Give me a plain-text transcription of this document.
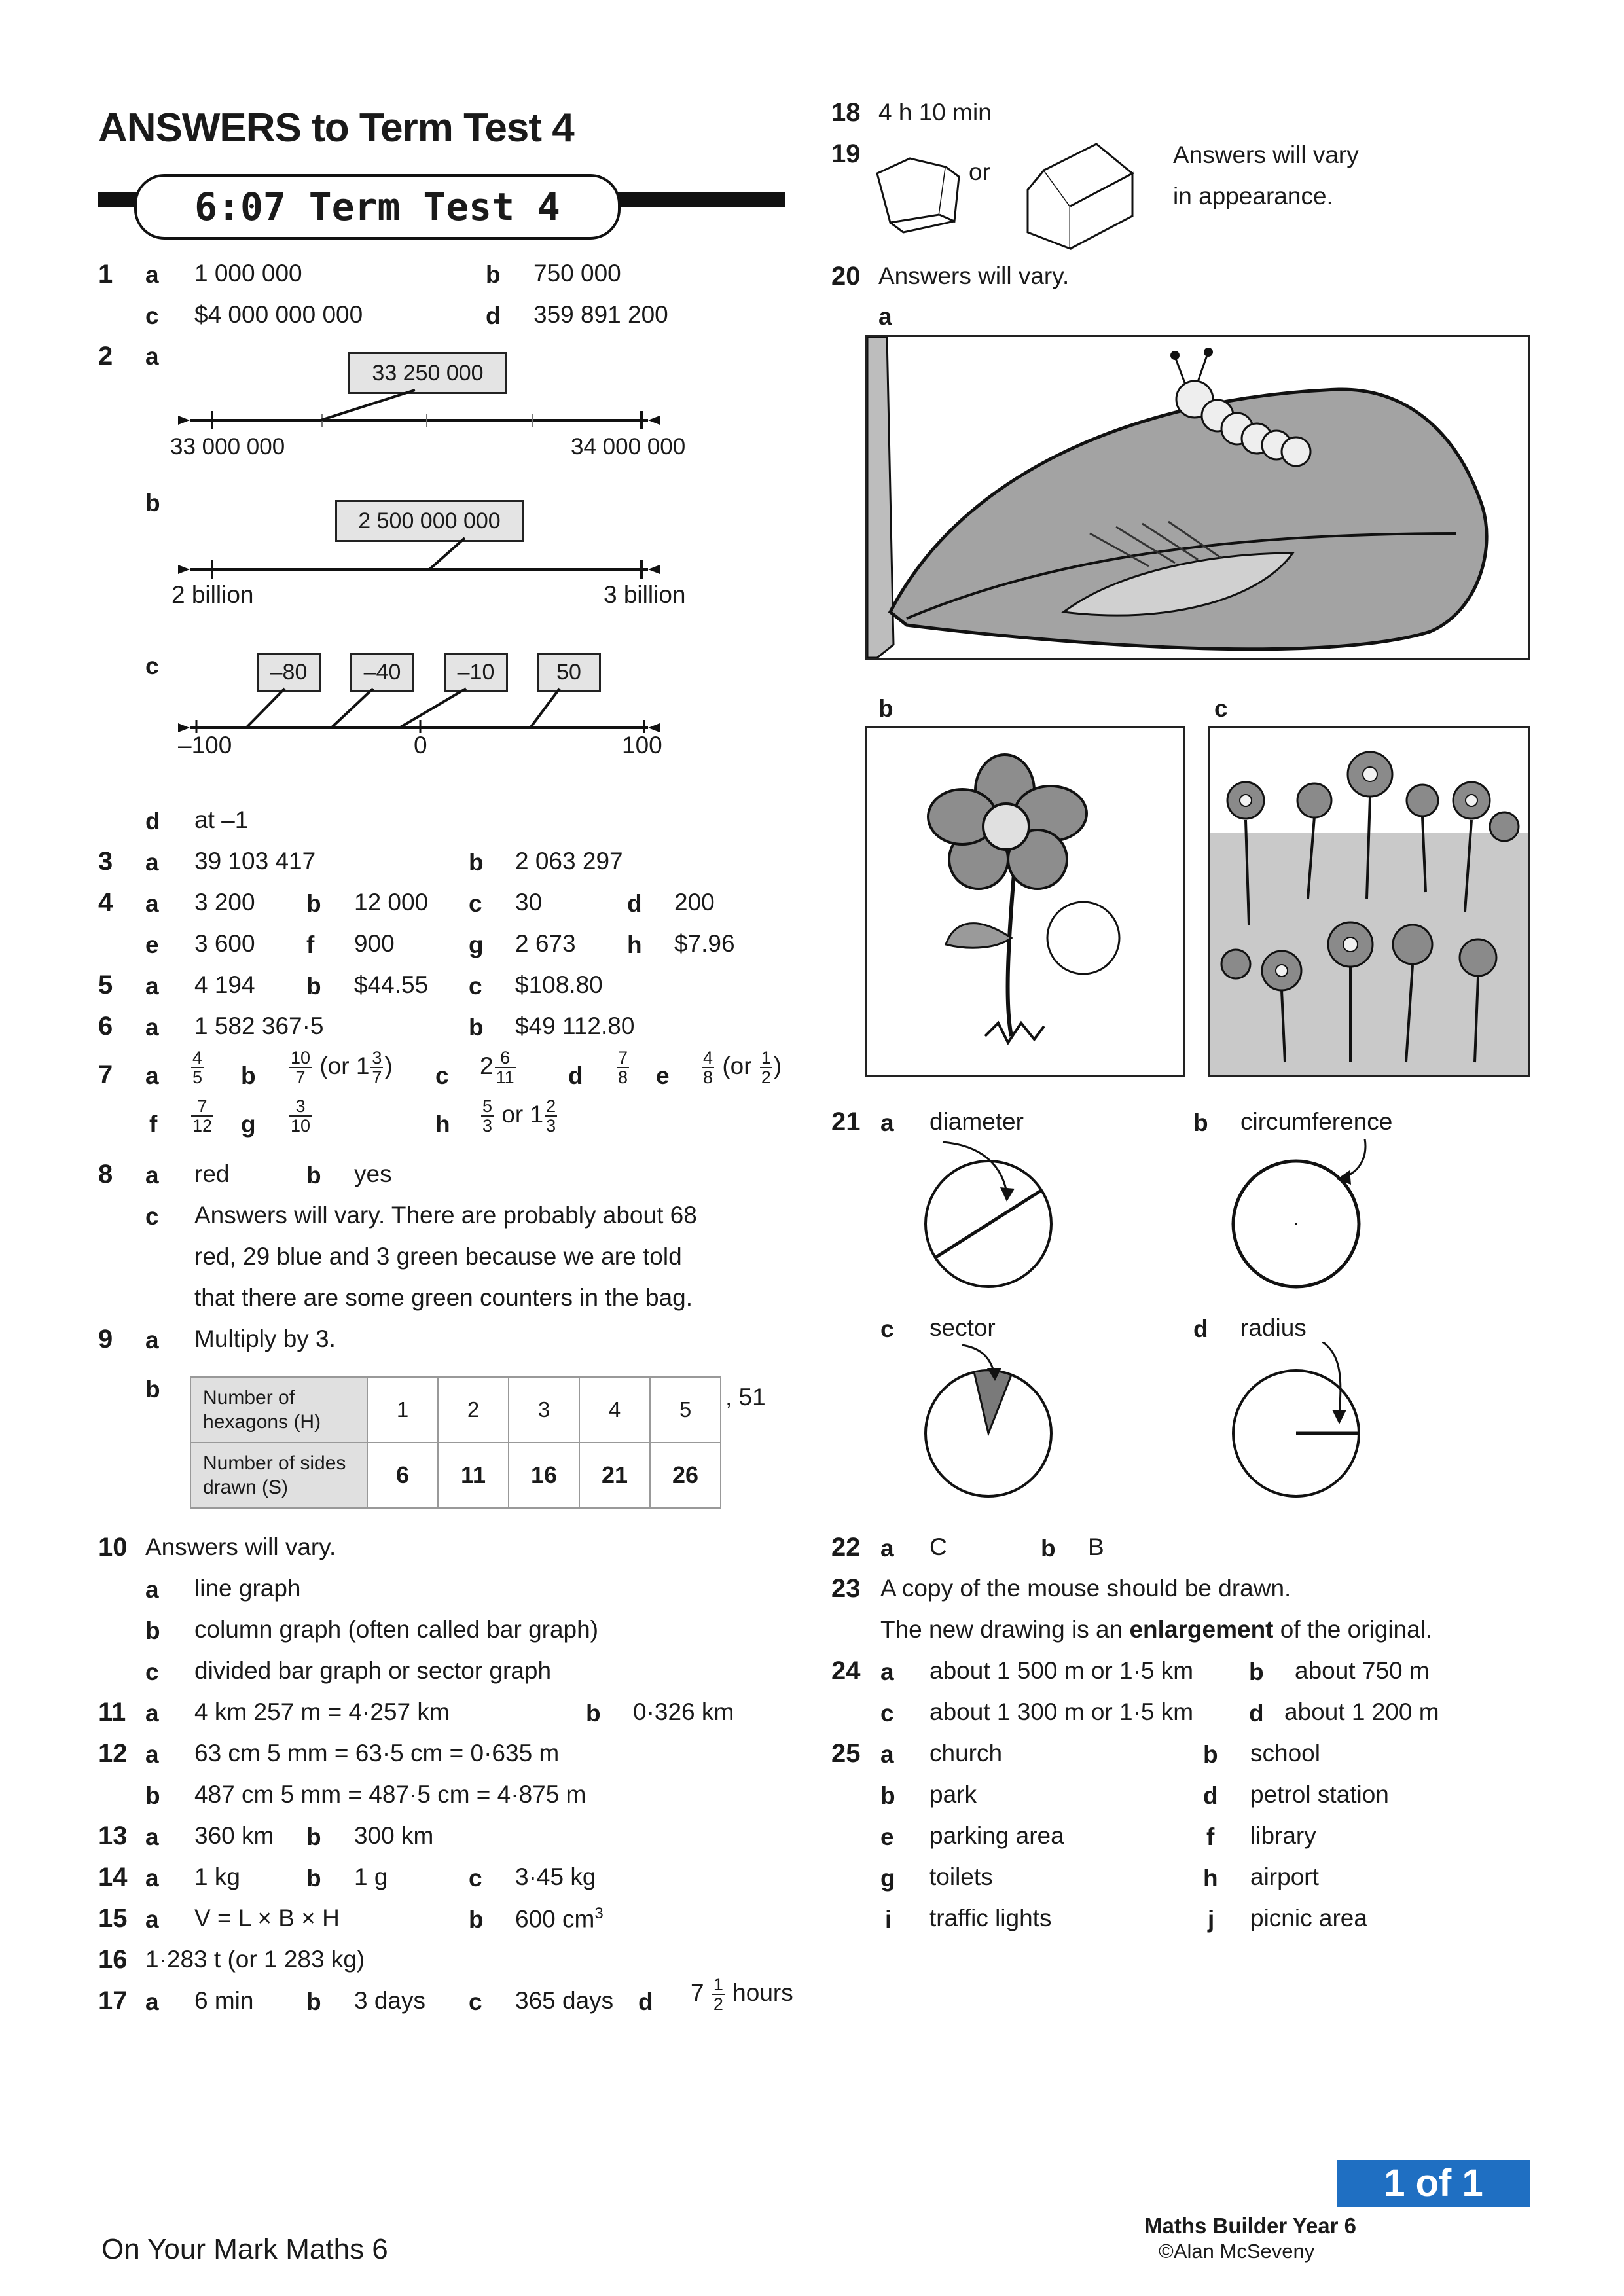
ANSWERS to Term Test 4
6:07 Term Test 4
1 a 1 000 000	b 750 000
c $4 000 000 000	d 359 891 200
2 a
33 250 000
33 000 000	34 000 000
b
2 500 000 000
2 billion	3 billion
c	–80	–40	–10	50
–100	0	100
d at –1
3 a 39 103 417	b 2 063 297
4 a 3 200 b 12 000 c 30	d 200
e 3 600 f 900	g 2 673 h $7.96
5 a 4 194 b $44.55 c $108.80
6 a 1 582 367·5	b $49 112.80
7 a $\frac{4}{5}$ b $\frac{10}{7} (or$ $1 \frac{3}{7}$ ) c $2 \frac{6}{11}$ d $\frac{7}{8}$ e $\frac{4}{8} (or \frac{1}{2}$ )
f $\frac{7}{12}$ g $\frac{3}{10}$	h $\frac{5}{3}$ or $1 \frac{2}{3}$
8 a red	b yes
c Answers will vary. There are probably about 68
red, 29 blue and 3 green because we are told
that there are some green counters in the bag.
9 a Multiply by 3.
b Number of hexagons (H)	1	2	3	4	5
Number of sides drawn (S)	6	11	16	21	26
, 51
10 Answers will vary.
a line graph
b column graph (often called bar graph)
c divided bar graph or sector graph
11 a 4 km 257 m = 4·257 km	b 0·326 km
12 a 63 cm 5 mm = 63·5 cm = 0·635 m
b 487 cm 5 mm = 487·5 cm = 4·875 m
13 a 360 km b 300 km
14 a 1 kg	b 1 g	c 3·45 kg
15 a V = L × B × H	b 600 $cm^3$
16 1·283 t (or 1 283 kg)
17 a 6 min b 3 days c 365 days d $7 \frac{1}{2}$ hours
18 4 h 10 min
19
or
Answers will vary
in appearance.
20 Answers will vary.
a
b	c
21 a diameter	b circumference
c sector	d radius
22 a C	b B
23 A copy of the mouse should be drawn.
The new drawing is an enlargement of the original.
24 a about 1 500 m or 1·5 km b about 750 m
c about 1 300 m or 1·5 km d about 1 200 m
25 a church	b school
b park	d petrol station
e parking area	f library
g toilets	h airport
i traffic lights	j picnic area
1 of 1
Maths Builder Year 6
©Alan McSeveny
On Your Mark Maths 6
